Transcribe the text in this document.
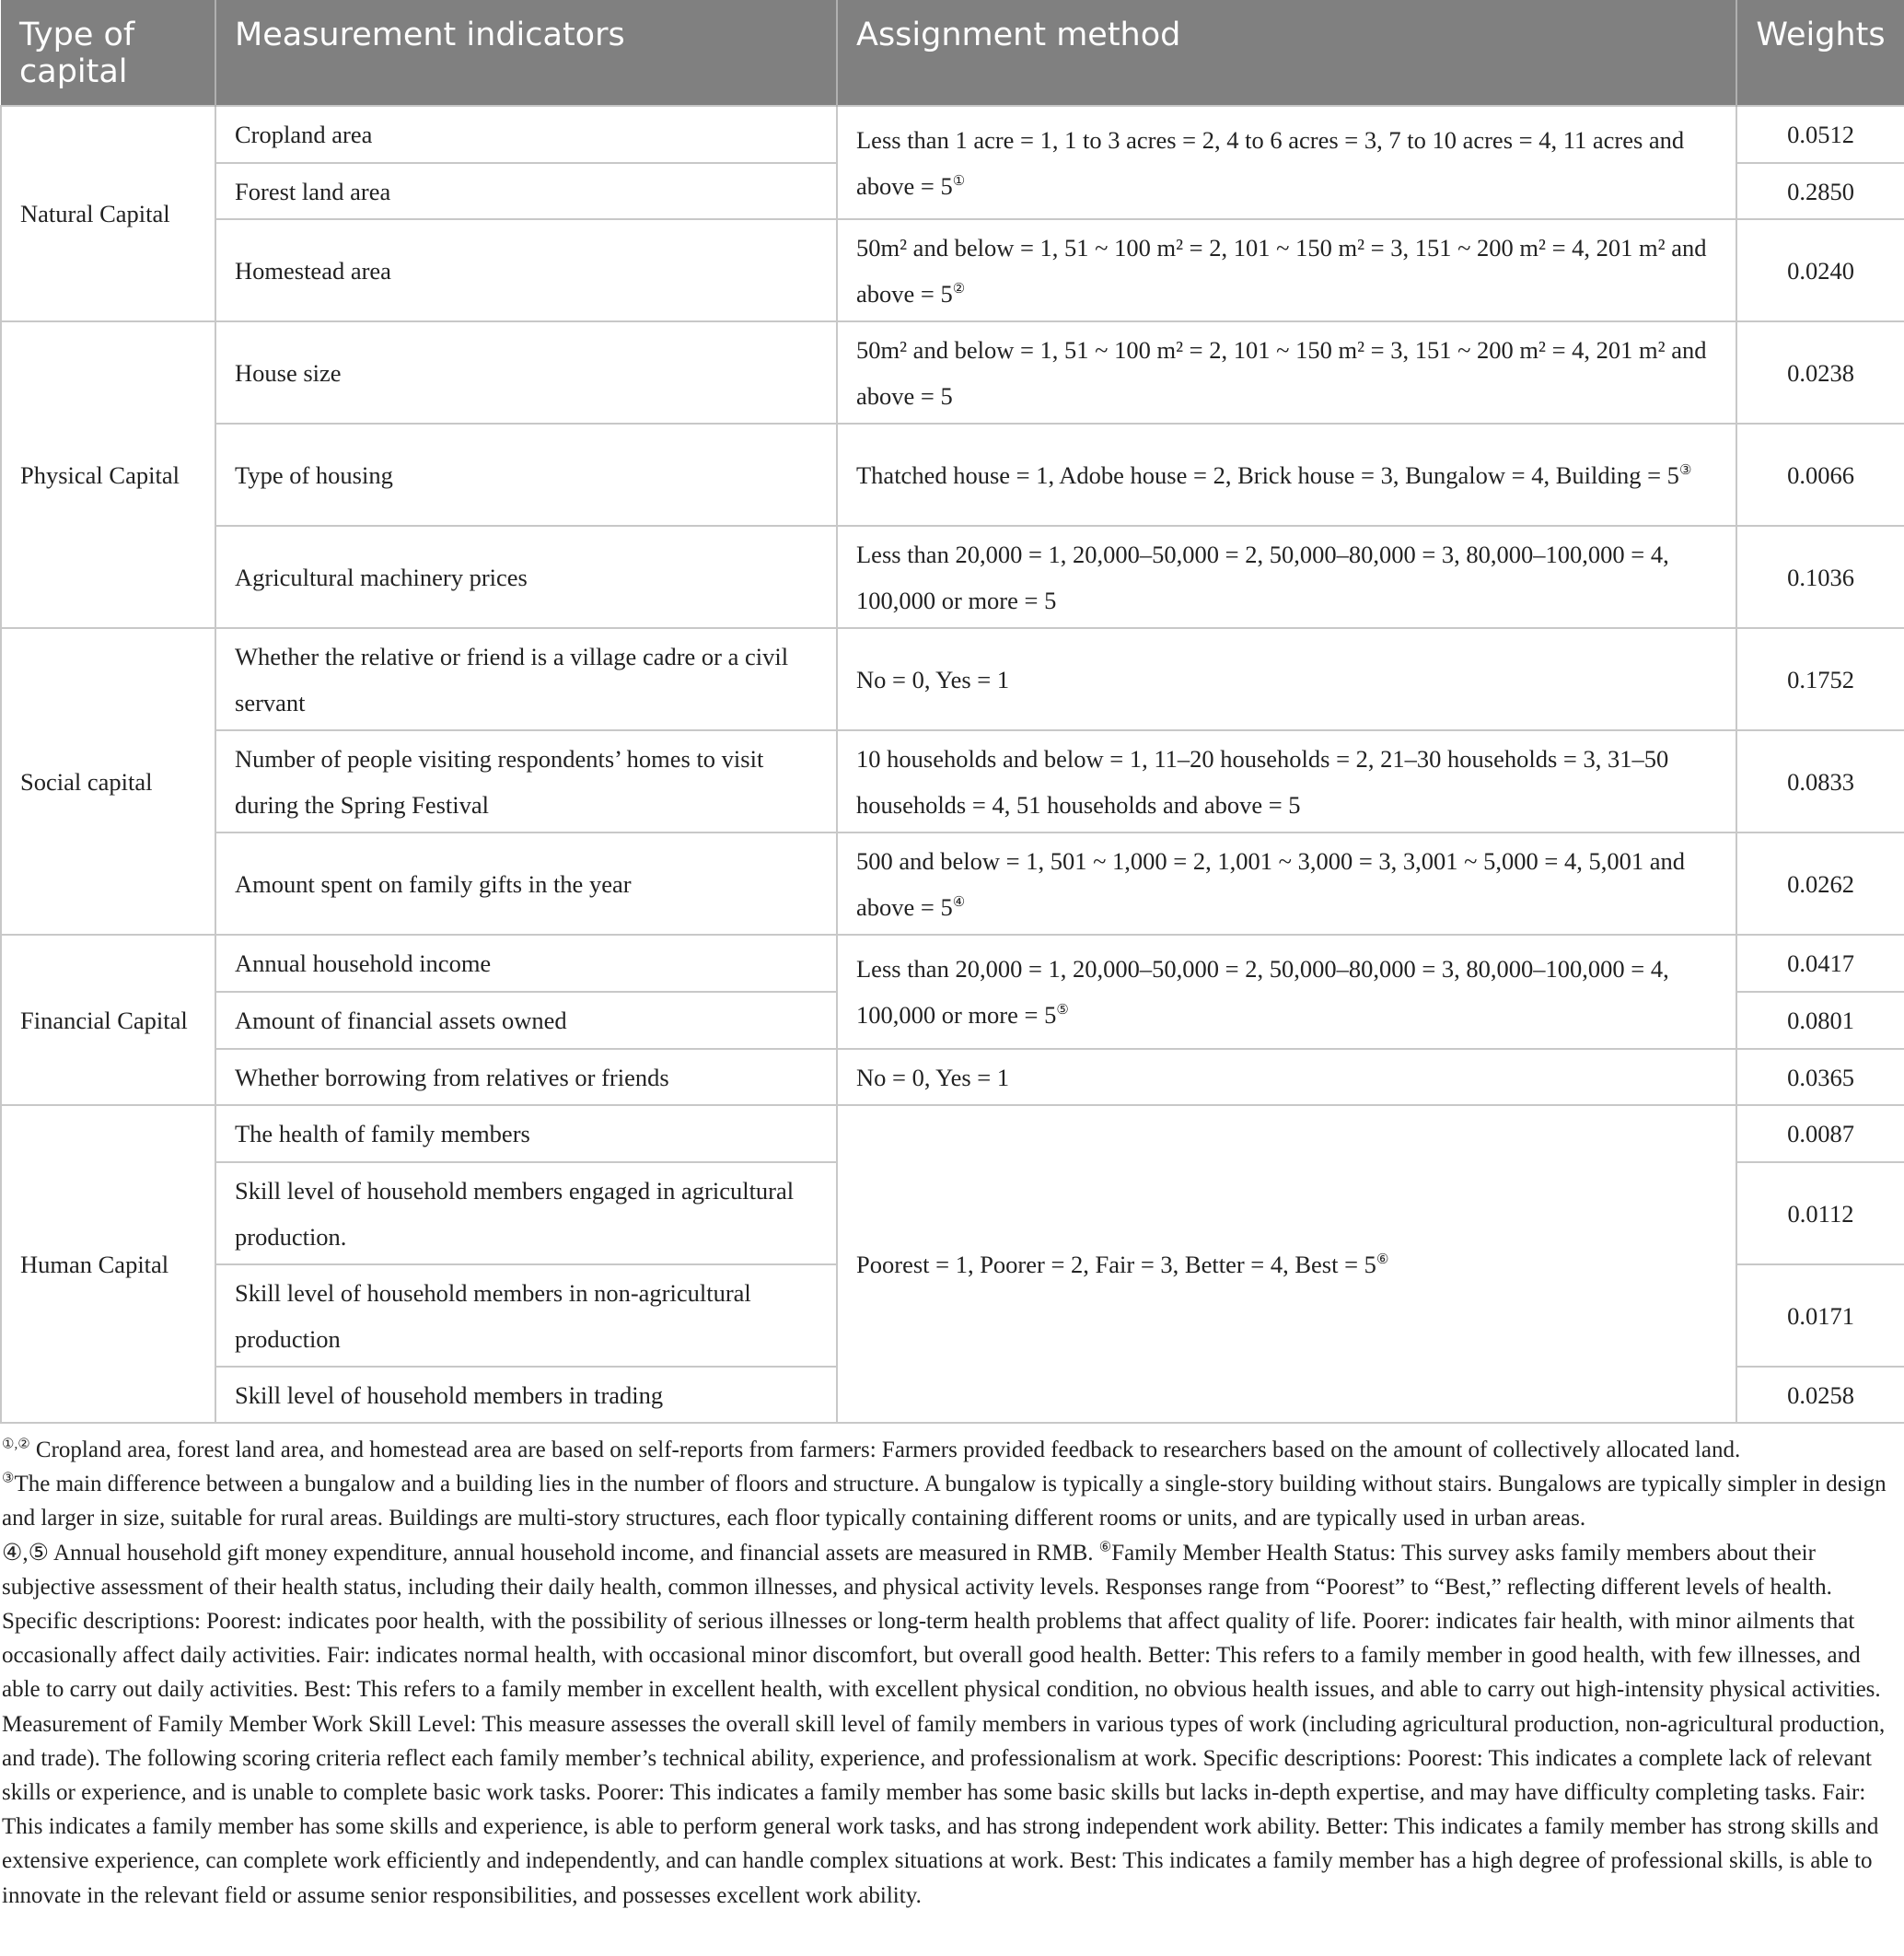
Type of capital	Measurement indicators	Assignment method	Weights
Natural Capital	Cropland area	Less than 1 acre = 1, 1 to 3 acres = 2, 4 to 6 acres = 3, 7 to 10 acres = 4, 11 acres and above = 5①	0.0512
	Forest land area		0.2850
	Homestead area	50m² and below = 1, 51 ~ 100 m² = 2, 101 ~ 150 m² = 3, 151 ~ 200 m² = 4, 201 m² and above = 5②	0.0240
Physical Capital	House size	50m² and below = 1, 51 ~ 100 m² = 2, 101 ~ 150 m² = 3, 151 ~ 200 m² = 4, 201 m² and above = 5	0.0238
	Type of housing	Thatched house = 1, Adobe house = 2, Brick house = 3, Bungalow = 4, Building = 5③	0.0066
	Agricultural machinery prices	Less than 20,000 = 1, 20,000–50,000 = 2, 50,000–80,000 = 3, 80,000–100,000 = 4, 100,000 or more = 5	0.1036
Social capital	Whether the relative or friend is a village cadre or a civil servant	No = 0, Yes = 1	0.1752
	Number of people visiting respondents’ homes to visit during the Spring Festival	10 households and below = 1, 11–20 households = 2, 21–30 households = 3, 31–50 households = 4, 51 households and above = 5	0.0833
	Amount spent on family gifts in the year	500 and below = 1, 501 ~ 1,000 = 2, 1,001 ~ 3,000 = 3, 3,001 ~ 5,000 = 4, 5,001 and above = 5④	0.0262
Financial Capital	Annual household income	Less than 20,000 = 1, 20,000–50,000 = 2, 50,000–80,000 = 3, 80,000–100,000 = 4, 100,000 or more = 5⑤	0.0417
	Amount of financial assets owned		0.0801
	Whether borrowing from relatives or friends	No = 0, Yes = 1	0.0365
Human Capital	The health of family members	Poorest = 1, Poorer = 2, Fair = 3, Better = 4, Best = 5⑥	0.0087
	Skill level of household members engaged in agricultural production.		0.0112
	Skill level of household members in non-agricultural production		0.0171
	Skill level of household members in trading		0.0258
①,② Cropland area, forest land area, and homestead area are based on self-reports from farmers: Farmers provided feedback to researchers based on the amount of collectively allocated land.
③The main difference between a bungalow and a building lies in the number of floors and structure. A bungalow is typically a single-story building without stairs. Bungalows are typically simpler in design and larger in size, suitable for rural areas. Buildings are multi-story structures, each floor typically containing different rooms or units, and are typically used in urban areas.
④,⑤ Annual household gift money expenditure, annual household income, and financial assets are measured in RMB. ⑥Family Member Health Status: This survey asks family members about their subjective assessment of their health status, including their daily health, common illnesses, and physical activity levels. Responses range from “Poorest” to “Best,” reflecting different levels of health. Specific descriptions: Poorest: indicates poor health, with the possibility of serious illnesses or long-term health problems that affect quality of life. Poorer: indicates fair health, with minor ailments that occasionally affect daily activities. Fair: indicates normal health, with occasional minor discomfort, but overall good health. Better: This refers to a family member in good health, with few illnesses, and able to carry out daily activities. Best: This refers to a family member in excellent health, with excellent physical condition, no obvious health issues, and able to carry out high-intensity physical activities. Measurement of Family Member Work Skill Level: This measure assesses the overall skill level of family members in various types of work (including agricultural production, non-agricultural production, and trade). The following scoring criteria reflect each family member’s technical ability, experience, and professionalism at work. Specific descriptions: Poorest: This indicates a complete lack of relevant skills or experience, and is unable to complete basic work tasks. Poorer: This indicates a family member has some basic skills but lacks in-depth expertise, and may have difficulty completing tasks. Fair: This indicates a family member has some skills and experience, is able to perform general work tasks, and has strong independent work ability. Better: This indicates a family member has strong skills and extensive experience, can complete work efficiently and independently, and can handle complex situations at work. Best: This indicates a family member has a high degree of professional skills, is able to innovate in the relevant field or assume senior responsibilities, and possesses excellent work ability.
